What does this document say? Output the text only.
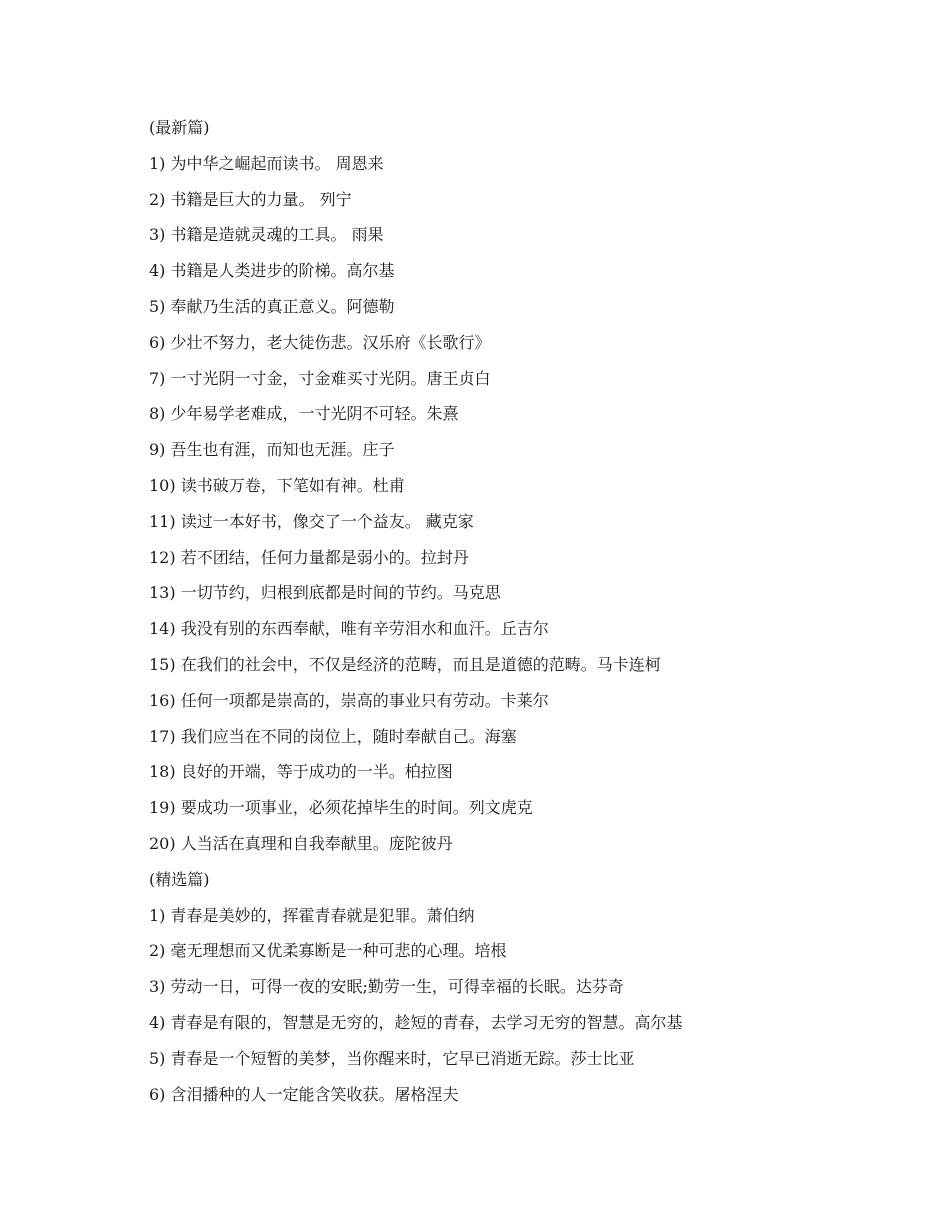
(最新篇)
1) 为中华之崛起而读书。 周恩来
2) 书籍是巨大的力量。 列宁
3) 书籍是造就灵魂的工具。 雨果
4) 书籍是人类进步的阶梯。高尔基
5) 奉献乃生活的真正意义。阿德勒
6) 少壮不努力，老大徒伤悲。汉乐府《长歌行》
7) 一寸光阴一寸金，寸金难买寸光阴。唐王贞白
8) 少年易学老难成，一寸光阴不可轻。朱熹
9) 吾生也有涯，而知也无涯。庄子
10) 读书破万卷，下笔如有神。杜甫
11) 读过一本好书，像交了一个益友。 藏克家
12) 若不团结，任何力量都是弱小的。拉封丹
13) 一切节约，归根到底都是时间的节约。马克思
14) 我没有别的东西奉献，唯有辛劳泪水和血汗。丘吉尔
15) 在我们的社会中，不仅是经济的范畴，而且是道德的范畴。马卡连柯
16) 任何一项都是崇高的，崇高的事业只有劳动。卡莱尔
17) 我们应当在不同的岗位上，随时奉献自己。海塞
18) 良好的开端，等于成功的一半。柏拉图
19) 要成功一项事业，必须花掉毕生的时间。列文虎克
20) 人当活在真理和自我奉献里。庞陀彼丹
(精选篇)
1) 青春是美妙的，挥霍青春就是犯罪。萧伯纳
2) 毫无理想而又优柔寡断是一种可悲的心理。培根
3) 劳动一日，可得一夜的安眠;勤劳一生，可得幸福的长眠。达芬奇
4) 青春是有限的，智慧是无穷的，趁短的青春，去学习无穷的智慧。高尔基
5) 青春是一个短暂的美梦，当你醒来时，它早已消逝无踪。莎士比亚
6) 含泪播种的人一定能含笑收获。屠格涅夫
